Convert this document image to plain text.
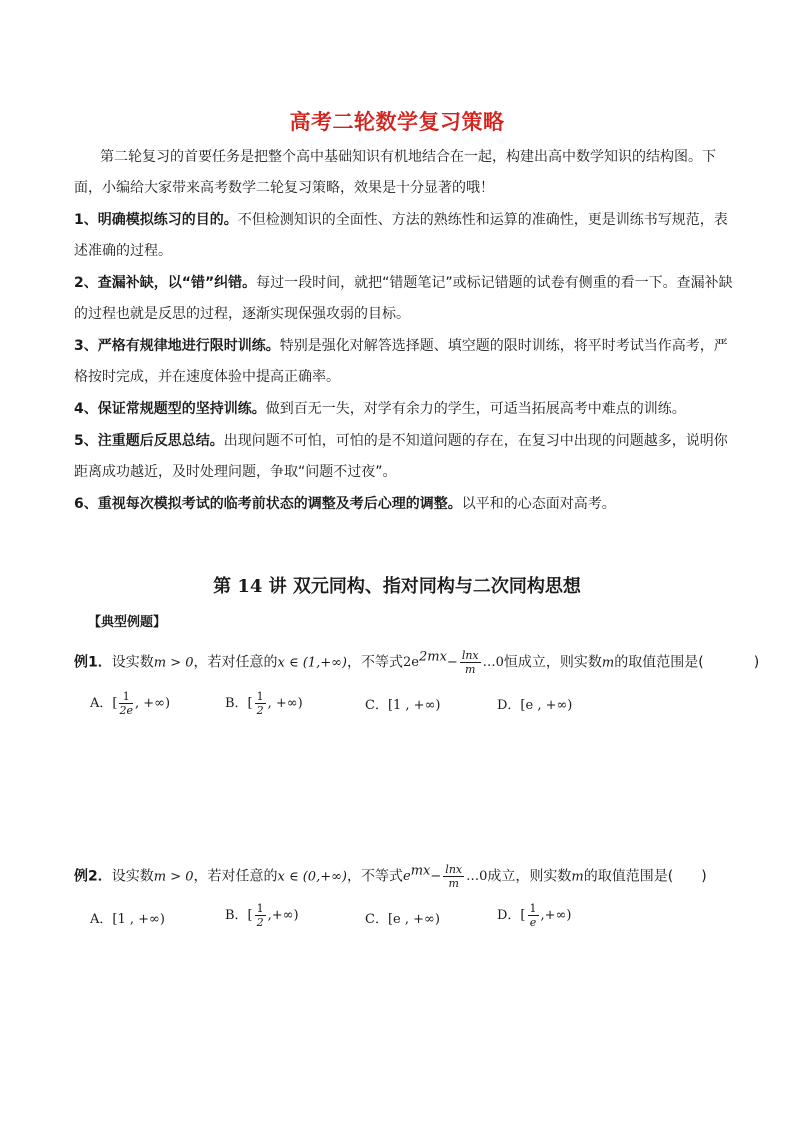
高考二轮数学复习策略
第二轮复习的首要任务是把整个高中基础知识有机地结合在一起，构建出高中数学知识的结构图。下
面，小编给大家带来高考数学二轮复习策略，效果是十分显著的哦！
1、明确模拟练习的目的。不但检测知识的全面性、方法的熟练性和运算的准确性，更是训练书写规范，表
述准确的过程。
2、查漏补缺，以“错”纠错。每过一段时间，就把“错题笔记”或标记错题的试卷有侧重的看一下。查漏补缺
的过程也就是反思的过程，逐渐实现保强攻弱的目标。
3、严格有规律地进行限时训练。特别是强化对解答选择题、填空题的限时训练，将平时考试当作高考，严
格按时完成，并在速度体验中提高正确率。
4、保证常规题型的坚持训练。做到百无一失，对学有余力的学生，可适当拓展高考中难点的训练。
5、注重题后反思总结。出现问题不可怕，可怕的是不知道问题的存在，在复习中出现的问题越多，说明你
距离成功越近，及时处理问题，争取“问题不过夜”。
6、重视每次模拟考试的临考前状态的调整及考后心理的调整。以平和的心态面对高考。
第 14 讲 双元同构、指对同构与二次同构思想
【典型例题】
例1．设实数m > 0，若对任意的x ∈ (1,+∞)，不等式$2e^{2mx}- \frac{\ln x}{m}$ …0恒成立，则实数m的取值范围是(	)
A．[ $\frac{1}{2e}$ , +∞)	B．[ $\frac{1}{2}$ , +∞)	C．[1 , +∞)	D．[e , +∞)
例2．设实数m > 0，若对任意的x ∈ (0,+∞)，不等式$e^{mx}- \frac{\ln x}{m}$ …0成立，则实数m的取值范围是( )
A．[1 , +∞)	B．[ $\frac{1}{2}$ ,+∞)	C．[e , +∞)	D．[ $\frac{1}{e}$ ,+∞)
